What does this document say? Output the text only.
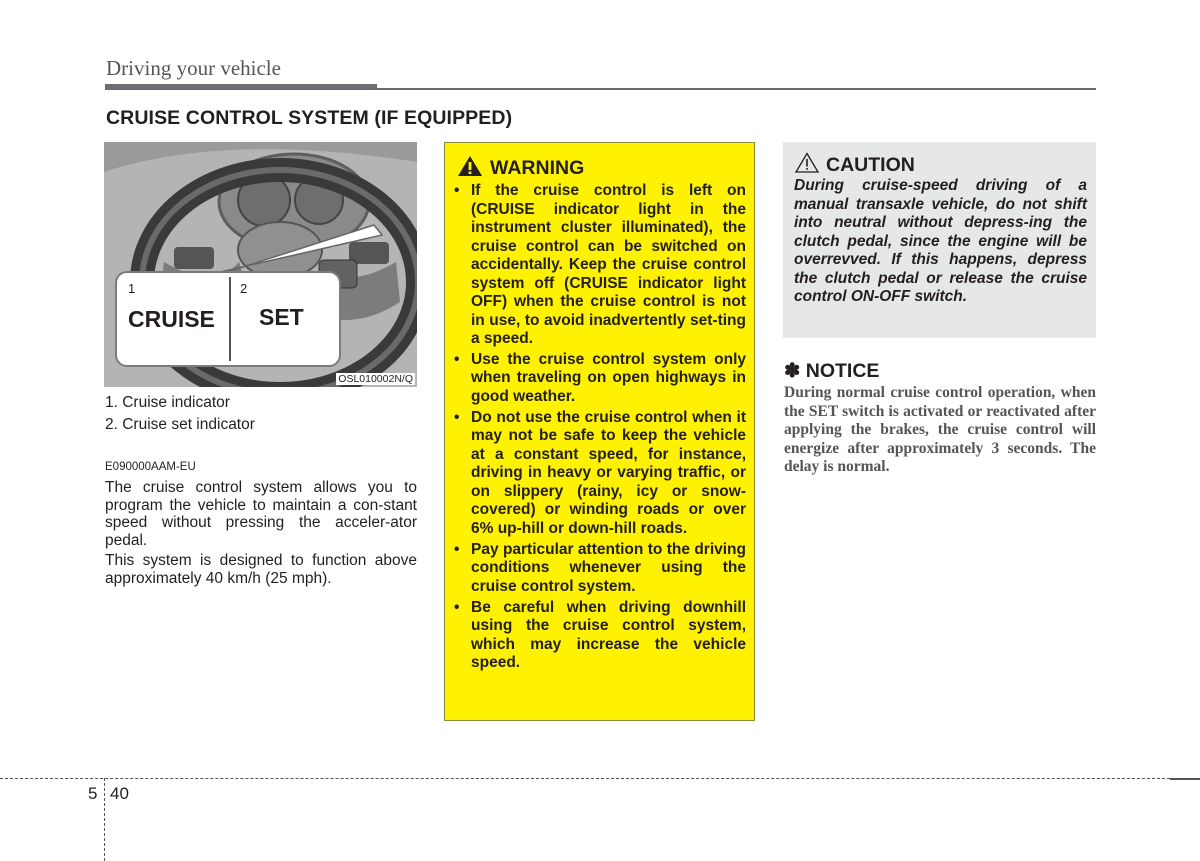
Driving your vehicle
CRUISE CONTROL SYSTEM (IF EQUIPPED)
1	2
CRUISE SET
OSL010002N/Q
1. Cruise indicator
2. Cruise set indicator
E090000AAM-EU
The cruise control system allows you to program the vehicle to maintain a con-stant speed without pressing the acceler-ator pedal.
This system is designed to function above approximately 40 km/h (25 mph).
WARNING
• If the cruise control is left on (CRUISE indicator light in the instrument cluster illuminated), the cruise control can be switched on accidentally. Keep the cruise control system off (CRUISE indicator light OFF) when the cruise control is not in use, to avoid inadvertently set-ting a speed.
• Use the cruise control system only when traveling on open highways in good weather.
• Do not use the cruise control when it may not be safe to keep the vehicle at a constant speed, for instance, driving in heavy or varying traffic, or on slippery (rainy, icy or snow-covered) or winding roads or over 6% up-hill or down-hill roads.
• Pay particular attention to the driving conditions whenever using the cruise control system.
• Be careful when driving downhill using the cruise control system, which may increase the vehicle speed.
CAUTION
During cruise-speed driving of a manual transaxle vehicle, do not shift into neutral without depress-ing the clutch pedal, since the engine will be overrevved. If this happens, depress the clutch pedal or release the cruise control ON-OFF switch.
✽ NOTICE
During normal cruise control operation, when the SET switch is activated or reactivated after applying the brakes, the cruise control will energize after approximately 3 seconds. The delay is normal.
5 40
